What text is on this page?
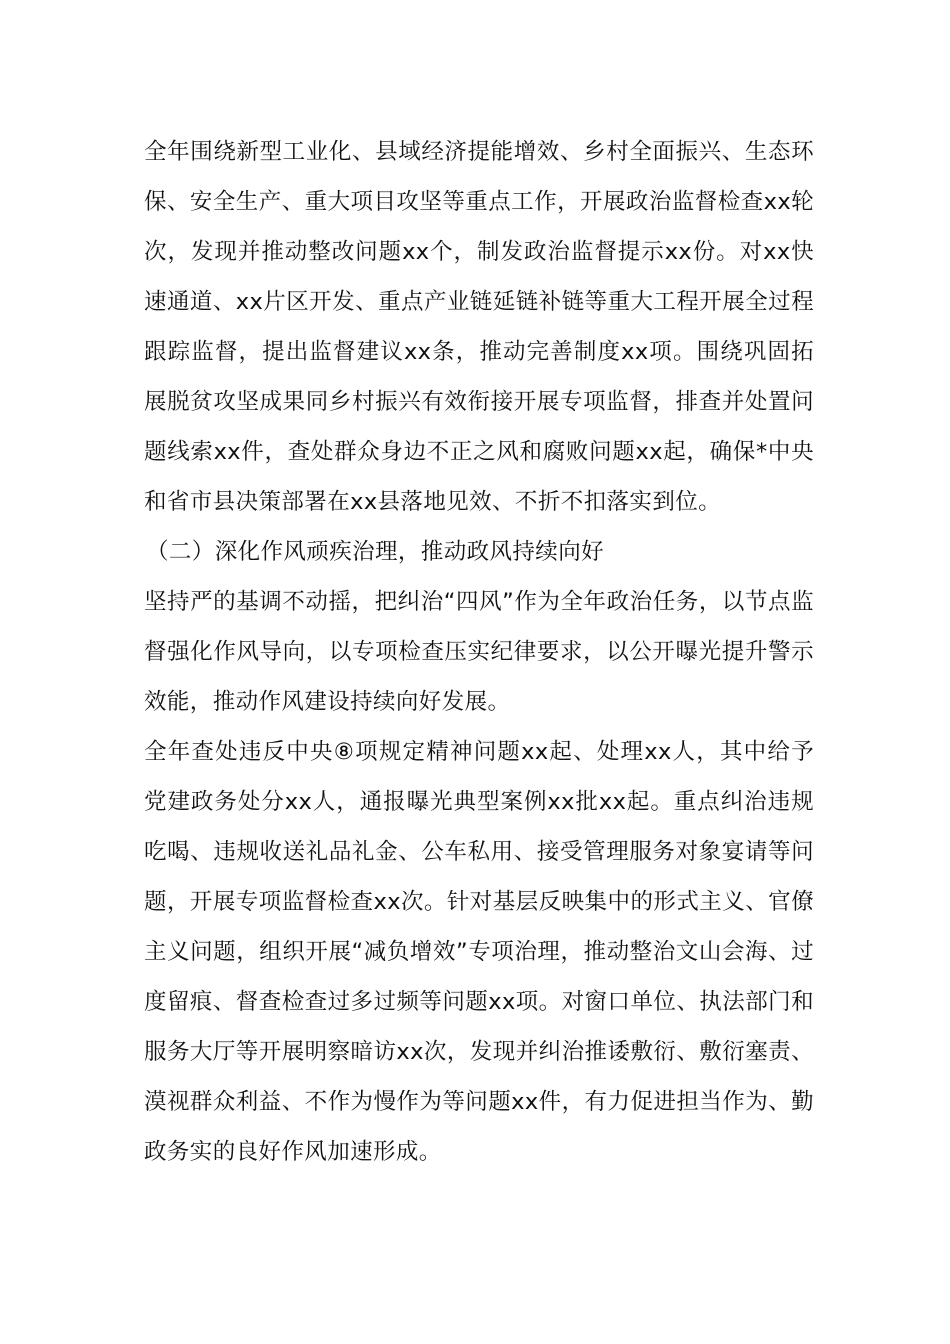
全年围绕新型工业化、县域经济提能增效、乡村全面振兴、生态环保、安全生产、重大项目攻坚等重点工作，开展政治监督检查xx轮次，发现并推动整改问题xx个，制发政治监督提示xx份。对xx快速通道、xx片区开发、重点产业链延链补链等重大工程开展全过程跟踪监督，提出监督建议xx条，推动完善制度xx项。围绕巩固拓展脱贫攻坚成果同乡村振兴有效衔接开展专项监督，排查并处置问题线索xx件，查处群众身边不正之风和腐败问题xx起，确保*中央和省市县决策部署在xx县落地见效、不折不扣落实到位。

（二）深化作风顽疾治理，推动政风持续向好

坚持严的基调不动摇，把纠治“四风”作为全年政治任务，以节点监督强化作风导向，以专项检查压实纪律要求，以公开曝光提升警示效能，推动作风建设持续向好发展。

全年查处违反中央⑧项规定精神问题xx起、处理xx人，其中给予党建政务处分xx人，通报曝光典型案例xx批xx起。重点纠治违规吃喝、违规收送礼品礼金、公车私用、接受管理服务对象宴请等问题，开展专项监督检查xx次。针对基层反映集中的形式主义、官僚主义问题，组织开展“减负增效”专项治理，推动整治文山会海、过度留痕、督查检查过多过频等问题xx项。对窗口单位、执法部门和服务大厅等开展明察暗访xx次，发现并纠治推诿敷衍、敷衍塞责、漠视群众利益、不作为慢作为等问题xx件，有力促进担当作为、勤政务实的良好作风加速形成。
